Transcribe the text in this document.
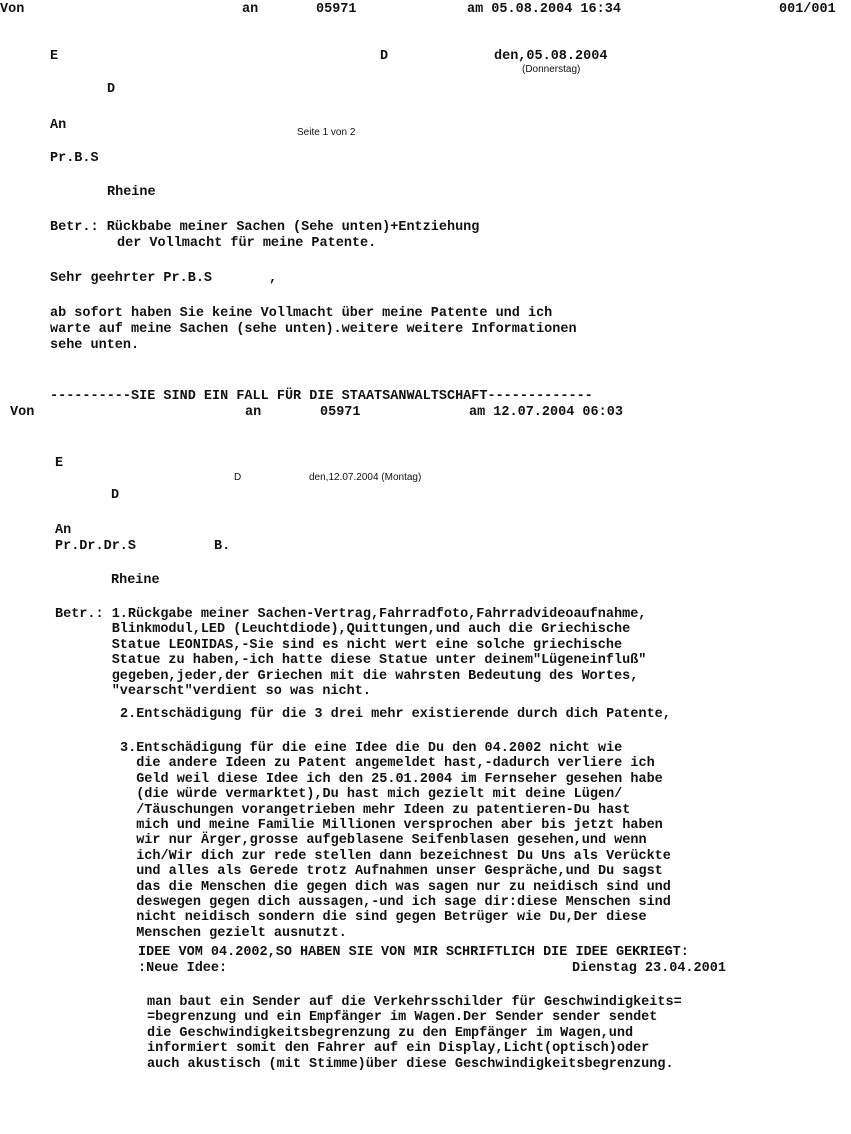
Von	an	05971	am 05.08.2004 16:34	001/001
E	D	den,05.08.2004
(Donnerstag)
D
An	Seite 1 von 2
Pr.B.S
Rheine
Betr.: Rückbabe meiner Sachen (Sehe unten)+Entziehung
der Vollmacht für meine Patente.
Sehr geehrter Pr.B.S	,
ab sofort haben Sie keine Vollmacht über meine Patente und ich
warte auf meine Sachen (sehe unten).weitere weitere Informationen
sehe unten.
----------SIE SIND EIN FALL FÜR DIE STAATSANWALTSCHAFT-------------
Von	an	05971	am 12.07.2004 06:03
E
D	den,12.07.2004 (Montag)
D
An
Pr.Dr.Dr.S	B.
Rheine
Betr.: 1.Rückgabe meiner Sachen-Vertrag,Fahrradfoto,Fahrradvideoaufnahme,
Blinkmodul,LED (Leuchtdiode),Quittungen,und auch die Griechische
Statue LEONIDAS,-Sie sind es nicht wert eine solche griechische
Statue zu haben,-ich hatte diese Statue unter deinem"Lügeneinfluß"
gegeben,jeder,der Griechen mit die wahrsten Bedeutung des Wortes,
"vearscht"verdient so was nicht.
2.Entschädigung für die 3 drei mehr existierende durch dich Patente,
3.Entschädigung für die eine Idee die Du den 04.2002 nicht wie
die andere Ideen zu Patent angemeldet hast,-dadurch verliere ich
Geld weil diese Idee ich den 25.01.2004 im Fernseher gesehen habe
(die würde vermarktet),Du hast mich gezielt mit deine Lügen/
/Täuschungen vorangetrieben mehr Ideen zu patentieren-Du hast
mich und meine Familie Millionen versprochen aber bis jetzt haben
wir nur Ärger,grosse aufgeblasene Seifenblasen gesehen,und wenn
ich/Wir dich zur rede stellen dann bezeichnest Du Uns als Verückte
und alles als Gerede trotz Aufnahmen unser Gespräche,und Du sagst
das die Menschen die gegen dich was sagen nur zu neidisch sind und
deswegen gegen dich aussagen,-und ich sage dir:diese Menschen sind
nicht neidisch sondern die sind gegen Betrüger wie Du,Der diese
Menschen gezielt ausnutzt.
IDEE VOM 04.2002,SO HABEN SIE VON MIR SCHRIFTLICH DIE IDEE GEKRIEGT:
:Neue Idee:	Dienstag 23.04.2001
man baut ein Sender auf die Verkehrsschilder für Geschwindigkeits=
=begrenzung und ein Empfänger im Wagen.Der Sender sender sendet
die Geschwindigkeitsbegrenzung zu den Empfänger im Wagen,und
informiert somit den Fahrer auf ein Display,Licht(optisch)oder
auch akustisch (mit Stimme)über diese Geschwindigkeitsbegrenzung.
